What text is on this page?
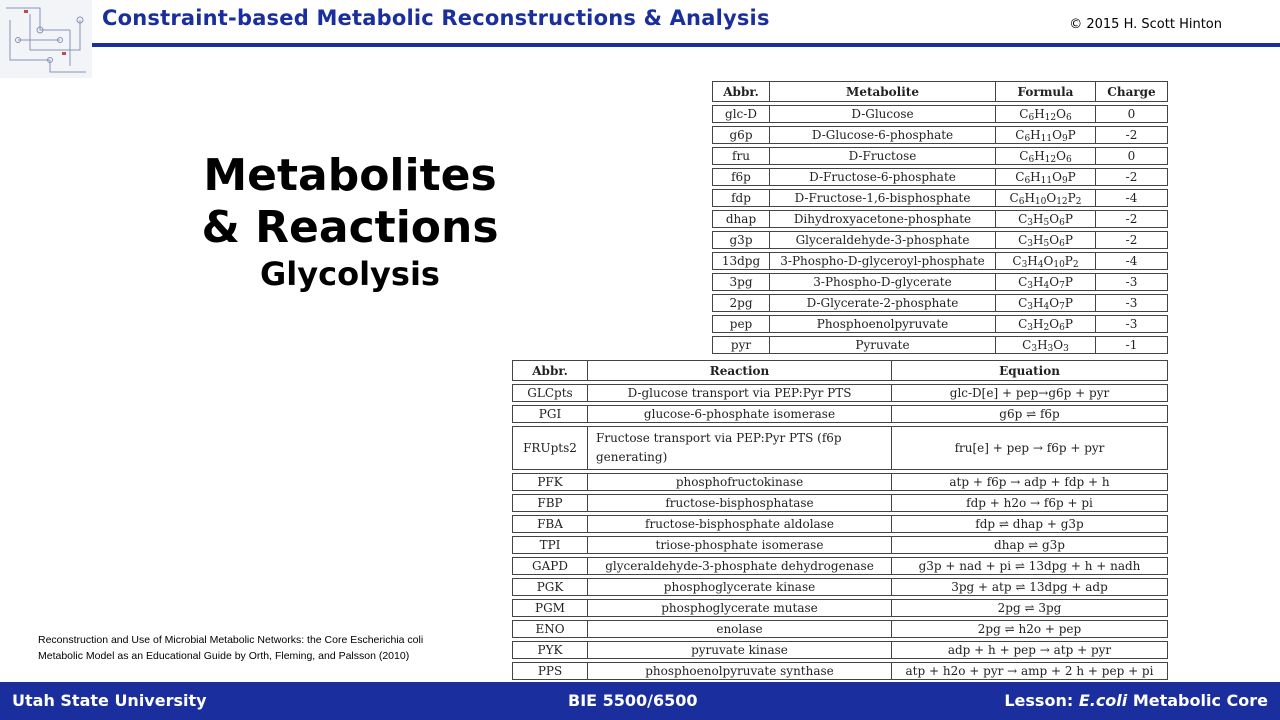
Constraint-based Metabolic Reconstructions & Analysis	© 2015 H. Scott Hinton
Metabolites
& Reactions
Glycolysis
Reconstruction and Use of Microbial Metabolic Networks: the Core Escherichia coli
Metabolic Model as an Educational Guide by Orth, Fleming, and Palsson (2010)
Abbr.	Metabolite	Formula	Charge
glc-D	D-Glucose	$C_6H_{12}O_6$	0
g6p	D-Glucose-6-phosphate	$C_6H_{11}O_9P$	-2
fru	D-Fructose	$C_6H_{12}O_6$	0
f6p	D-Fructose-6-phosphate	$C_6H_{11}O_9P$	-2
fdp	D-Fructose-1,6-bisphosphate	$C_6H_{10}O_{12}P_2$	-4
dhap	Dihydroxyacetone-phosphate	$C_3H_5O_6P$	-2
g3p	Glyceraldehyde-3-phosphate	$C_3H_5O_6P$	-2
13dpg	3-Phospho-D-glyceroyl-phosphate	$C_3H_4O_{10}P_2$	-4
3pg	3-Phospho-D-glycerate	$C_3H_4O_7P$	-3
2pg	D-Glycerate-2-phosphate	$C_3H_4O_7P$	-3
pep	Phosphoenolpyruvate	$C_3H_2O_6P$	-3
pyr	Pyruvate	$C_3H_3O_3$	-1
Abbr.	Reaction	Equation
GLCpts	D-glucose transport via PEP:Pyr PTS	glc-D[e] + pep→g6p + pyr
PGI	glucose-6-phosphate isomerase	g6p ⇌ f6p
FRUpts2	Fructose transport via PEP:Pyr PTS (f6p generating)	fru[e] + pep → f6p + pyr
PFK	phosphofructokinase	atp + f6p → adp + fdp + h
FBP	fructose-bisphosphatase	fdp + h2o → f6p + pi
FBA	fructose-bisphosphate aldolase	fdp ⇌ dhap + g3p
TPI	triose-phosphate isomerase	dhap ⇌ g3p
GAPD	glyceraldehyde-3-phosphate dehydrogenase	g3p + nad + pi ⇌ 13dpg + h + nadh
PGK	phosphoglycerate kinase	3pg + atp ⇌ 13dpg + adp
PGM	phosphoglycerate mutase	2pg ⇌ 3pg
ENO	enolase	2pg ⇌ h2o + pep
PYK	pyruvate kinase	adp + h + pep → atp + pyr
PPS	phosphoenolpyruvate synthase	atp + h2o + pyr → amp + 2 h + pep + pi
Utah State University	BIE 5500/6500	Lesson: E.coli Metabolic Core
